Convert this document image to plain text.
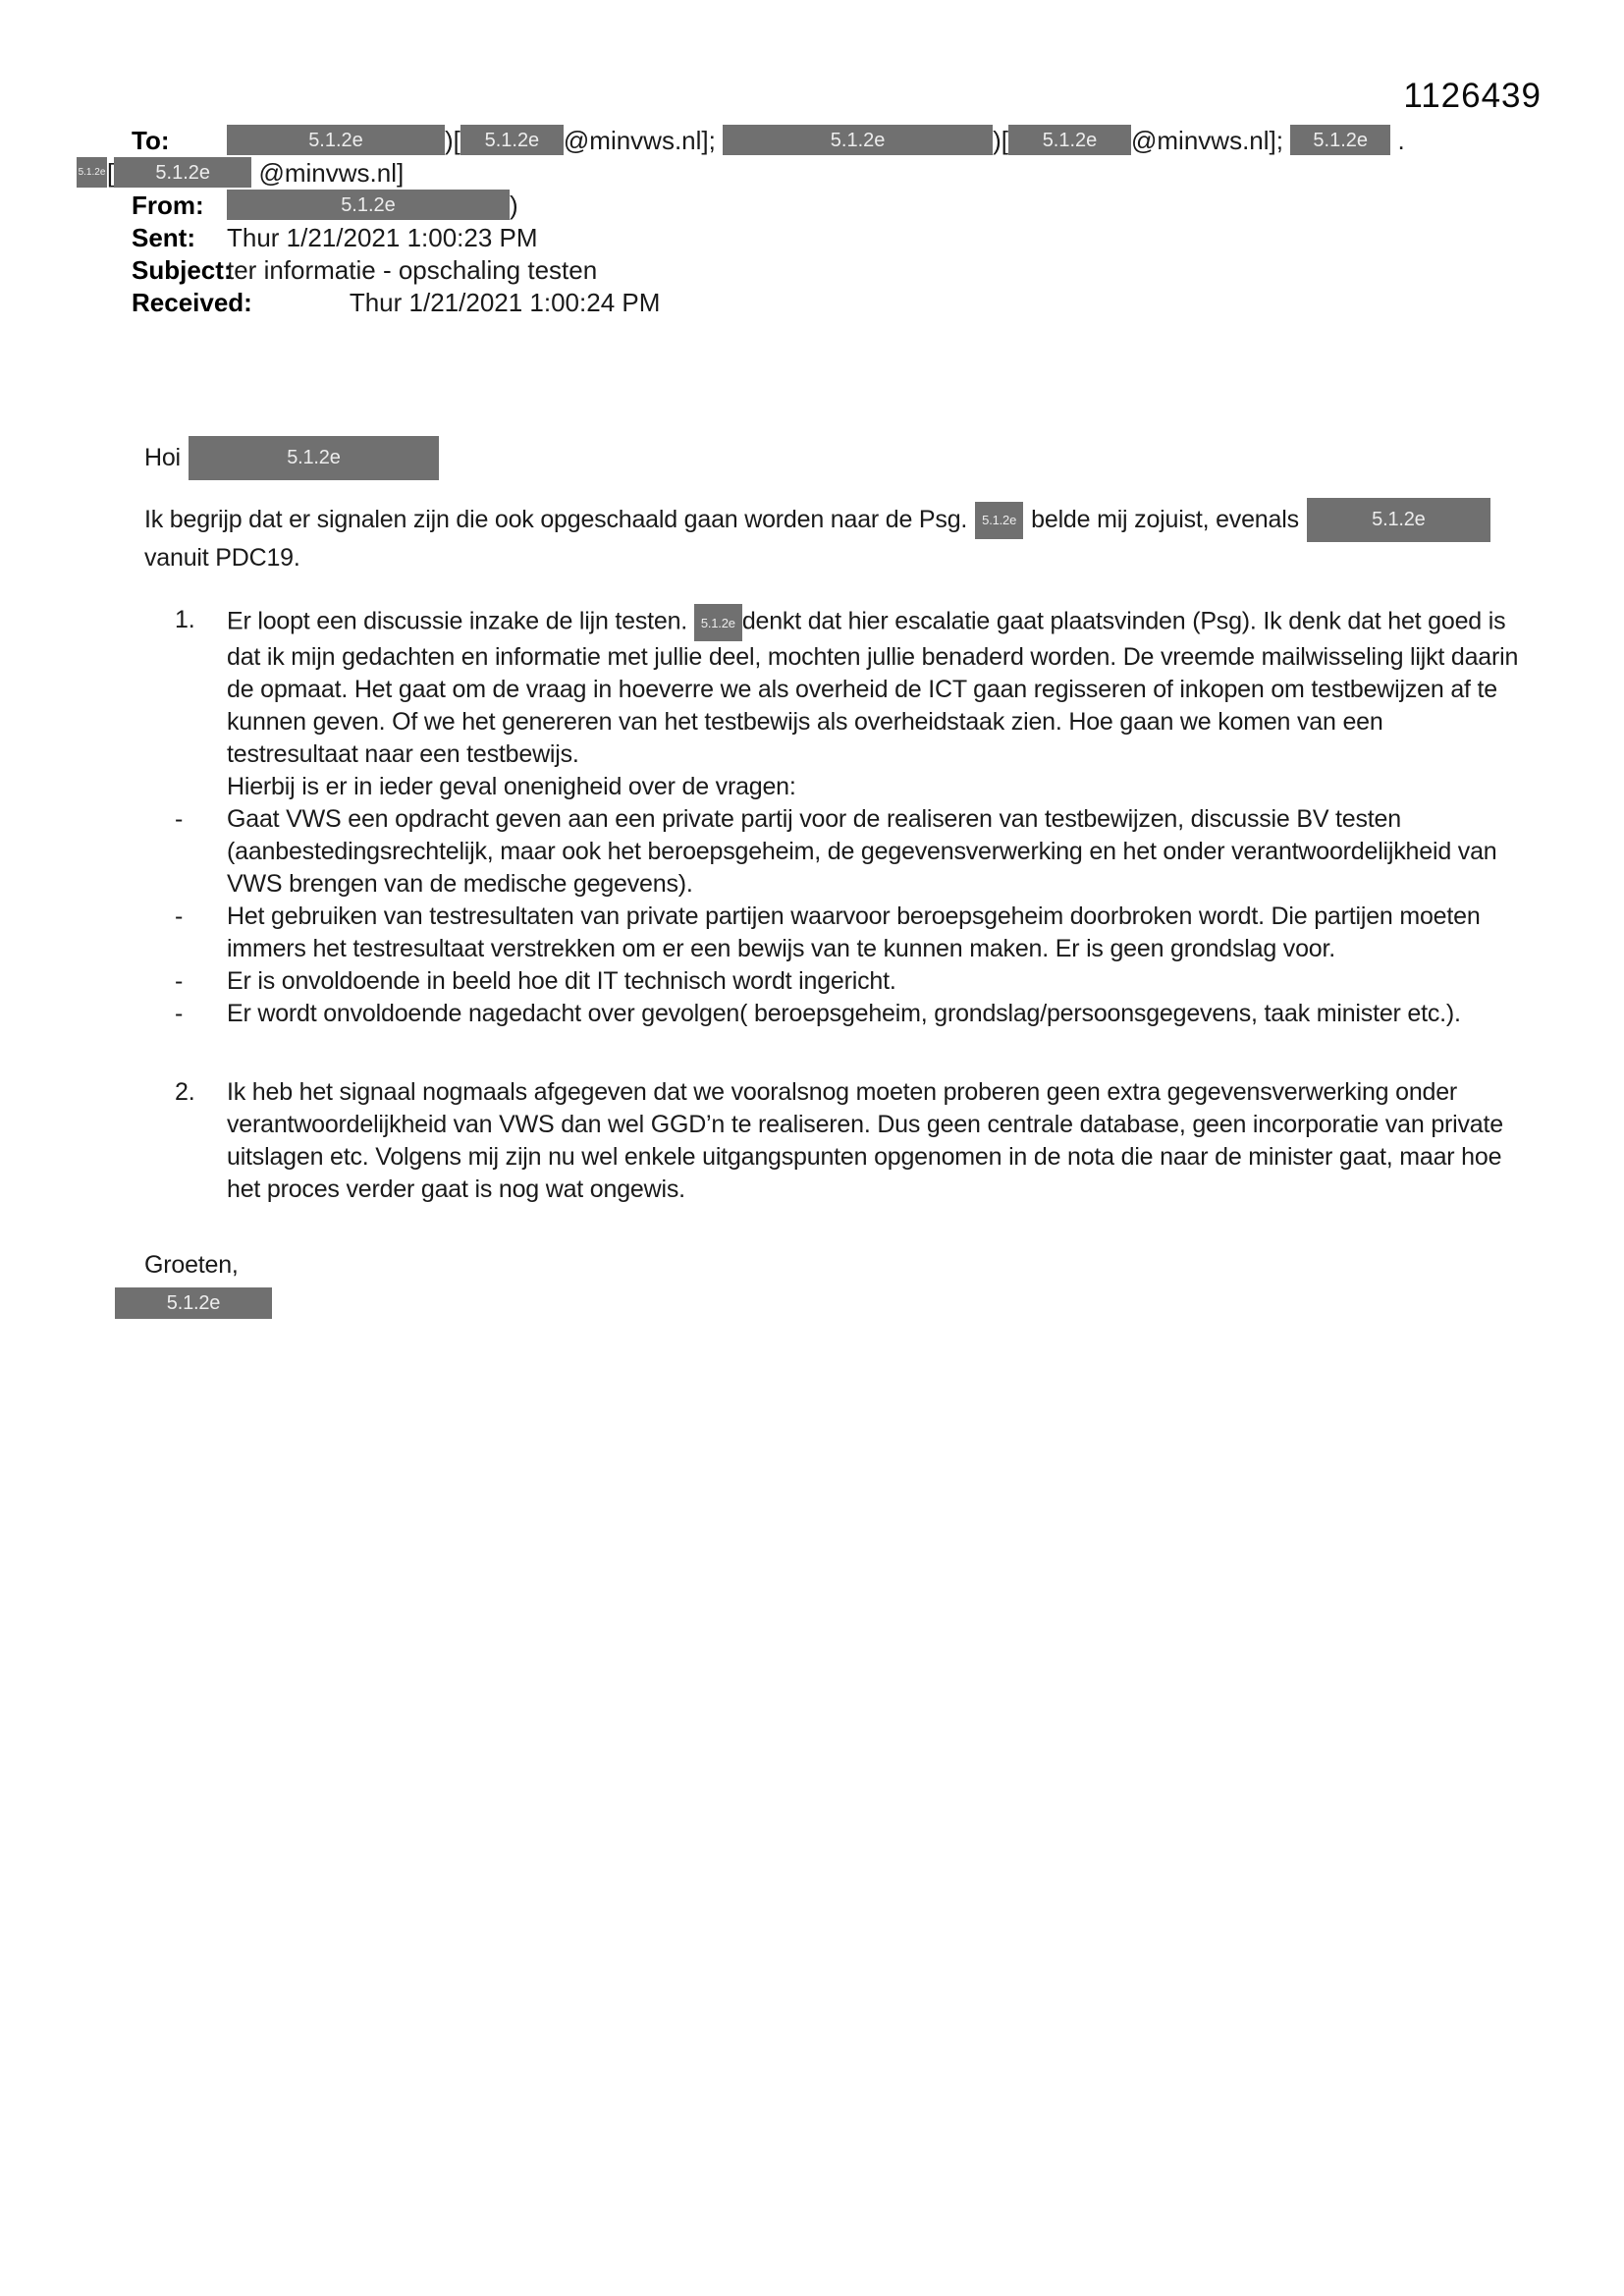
1126439
To:	5.1.2e	)[	5.1.2e @minvws.nl];
	5.1.2e	)[	5.1.2e	@minvws.nl];
	5.1.2e
	.
5.1.2e [	5.1.2e
	@minvws.nl]
From:	5.1.2e	)
Sent:	Thur 1/21/2021 1:00:23 PM
Subject:
ter informatie - opschaling testen
Received:	Thur 1/21/2021 1:00:24 PM
Hoi	5.1.2e
Ik begrijp dat er signalen zijn die ook opgeschaald gaan worden naar de Psg.	5.1.2e belde mij zojuist, evenals	5.1.2e

vanuit PDC19.

1.	Er loopt een discussie inzake de lijn testen. 5.1.2e denkt dat hier escalatie gaat plaatsvinden (Psg). Ik denk dat het goed is dat ik mijn gedachten en informatie met jullie deel, mochten jullie benaderd worden. De vreemde mailwisseling lijkt daarin de opmaat. Het gaat om de vraag in hoeverre we als overheid de ICT gaan regisseren of inkopen om testbewijzen af te kunnen geven. Of we het genereren van het testbewijs als overheidstaak zien. Hoe gaan we komen van een testresultaat naar een testbewijs.
Hierbij is er in ieder geval onenigheid over de vragen:
-	Gaat VWS een opdracht geven aan een private partij voor de realiseren van testbewijzen, discussie BV testen (aanbestedingsrechtelijk, maar ook het beroepsgeheim, de gegevensverwerking en het onder verantwoordelijkheid van VWS brengen van de medische gegevens).
-	Het gebruiken van testresultaten van private partijen waarvoor beroepsgeheim doorbroken wordt. Die partijen moeten immers het testresultaat verstrekken om er een bewijs van te kunnen maken. Er is geen grondslag voor.
-	Er is onvoldoende in beeld hoe dit IT technisch wordt ingericht.
-	Er wordt onvoldoende nagedacht over gevolgen( beroepsgeheim, grondslag/persoonsgegevens, taak minister etc.).
2.	Ik heb het signaal nogmaals afgegeven dat we vooralsnog moeten proberen geen extra gegevensverwerking onder verantwoordelijkheid van VWS dan wel GGD’n te realiseren. Dus geen centrale database, geen incorporatie van private uitslagen etc. Volgens mij zijn nu wel enkele uitgangspunten opgenomen in de nota die naar de minister gaat, maar hoe het proces verder gaat is nog wat ongewis.
Groeten,
5.1.2e
